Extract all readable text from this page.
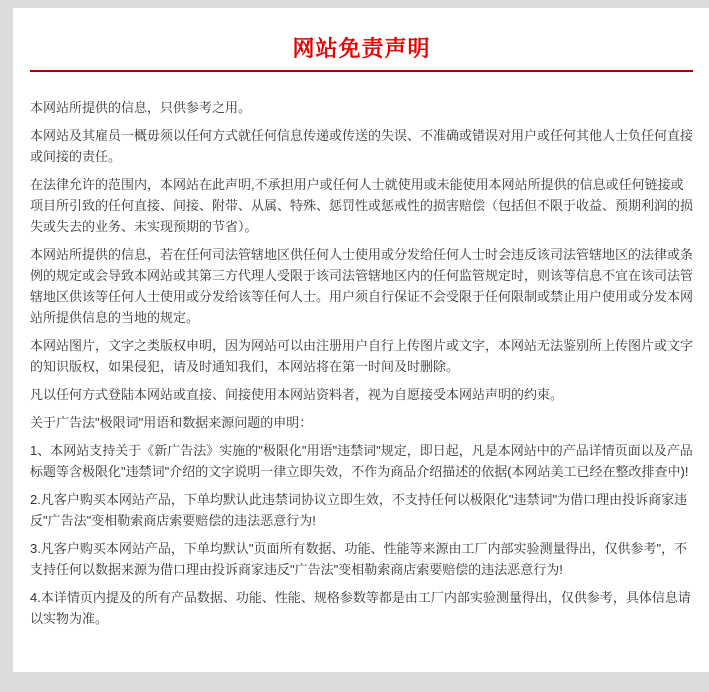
网站免责声明

本网站所提供的信息，只供参考之用。

本网站及其雇员一概毋须以任何方式就任何信息传递或传送的失误、不准确或错误对用户或任何其他人士负任何直接或间接的责任。

在法律允许的范围内，本网站在此声明,不承担用户或任何人士就使用或未能使用本网站所提供的信息或任何链接或项目所引致的任何直接、间接、附带、从属、特殊、惩罚性或惩戒性的损害赔偿（包括但不限于收益、预期利润的损失或失去的业务、未实现预期的节省）。

本网站所提供的信息，若在任何司法管辖地区供任何人士使用或分发给任何人士时会违反该司法管辖地区的法律或条例的规定或会导致本网站或其第三方代理人受限于该司法管辖地区内的任何监管规定时，则该等信息不宜在该司法管辖地区供该等任何人士使用或分发给该等任何人士。用户须自行保证不会受限于任何限制或禁止用户使用或分发本网站所提供信息的当地的规定。

本网站图片，文字之类版权申明，因为网站可以由注册用户自行上传图片或文字，本网站无法鉴别所上传图片或文字的知识版权，如果侵犯，请及时通知我们，本网站将在第一时间及时删除。

凡以任何方式登陆本网站或直接、间接使用本网站资料者，视为自愿接受本网站声明的约束。

关于广告法"极限词"用语和数据来源问题的申明：

1、本网站支持关于《新广告法》实施的"极限化"用语"违禁词"规定，即日起，凡是本网站中的产品详情页面以及产品标题等含极限化"违禁词"介绍的文字说明一律立即失效，不作为商品介绍描述的依据(本网站美工已经在整改排查中)!

2.凡客户购买本网站产品，下单均默认此违禁词协议立即生效，不支持任何以极限化"违禁词"为借口理由投诉商家违反"广告法"变相勒索商店索要赔偿的违法恶意行为!

3.凡客户购买本网站产品，下单均默认"页面所有数据、功能、性能等来源由工厂内部实验测量得出，仅供参考"，不支持任何以数据来源为借口理由投诉商家违反"广告法"变相勒索商店索要赔偿的违法恶意行为!

4.本详情页内提及的所有产品数据、功能、性能、规格参数等都是由工厂内部实验测量得出，仅供参考，具体信息请以实物为准。
